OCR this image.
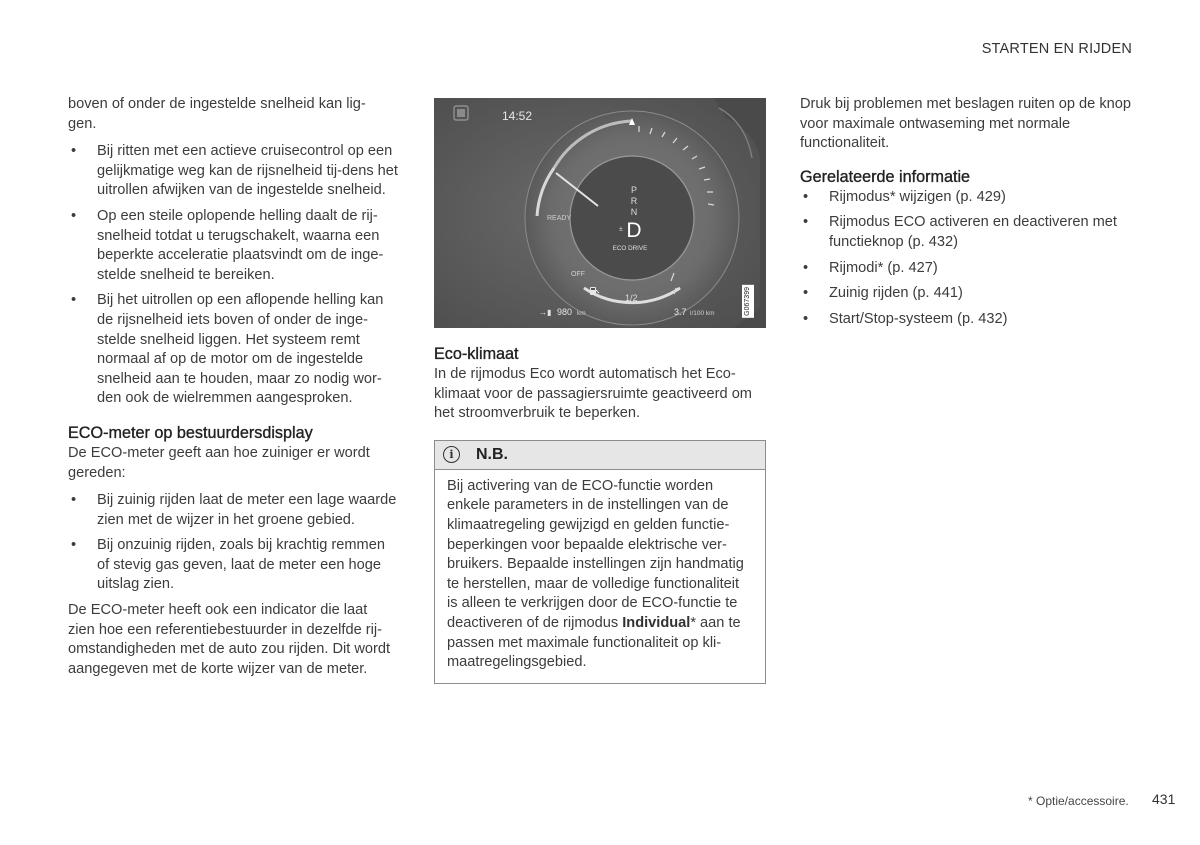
STARTEN EN RIJDEN

boven of onder de ingestelde snelheid kan lig-
gen.

• Bij ritten met een actieve cruisecontrol op een gelijkmatige weg kan de rijsnelheid tij-dens het uitrollen afwijken van de ingestelde snelheid.
• Op een steile oplopende helling daalt de rij-snelheid totdat u terugschakelt, waarna een beperkte acceleratie plaatsvindt om de inge-stelde snelheid te bereiken.
• Bij het uitrollen op een aflopende helling kan de rijsnelheid iets boven of onder de inge-stelde snelheid liggen. Het systeem remt normaal af op de motor om de ingestelde snelheid aan te houden, maar zo nodig wor-den ook de wielremmen aangesproken.
ECO-meter op bestuurdersdisplay

De ECO-meter geeft aan hoe zuiniger er wordt gereden:

• Bij zuinig rijden laat de meter een lage waarde zien met de wijzer in het groene gebied.
• Bij onzuinig rijden, zoals bij krachtig remmen of stevig gas geven, laat de meter een hoge uitslag zien.

De ECO-meter heeft ook een indicator die laat zien hoe een referentiebestuurder in dezelfde rij-omstandigheden met de auto zou rijden. Dit wordt aangegeven met de korte wijzer van de meter.

14:52
READY
OFF
1/2
P
R
N
D
±
ECO DRIVE
→▮ 980 km	3.7 l/100 km	G067399
Eco-klimaat

In de rijmodus Eco wordt automatisch het Eco-klimaat voor de passagiersruimte geactiveerd om het stroomverbruik te beperken.

i	N.B.
Bij activering van de ECO-functie worden enkele parameters in de instellingen van de klimaatregeling gewijzigd en gelden functie-beperkingen voor bepaalde elektrische ver-bruikers. Bepaalde instellingen zijn handmatig te herstellen, maar de volledige functionaliteit is alleen te verkrijgen door de ECO-functie te deactiveren of de rijmodus Individual* aan te passen met maximale functionaliteit op kli-maatregelingsgebied.

Druk bij problemen met beslagen ruiten op de knop voor maximale ontwaseming met normale functionaliteit.

Gerelateerde informatie
• Rijmodus* wijzigen (p. 429)
• Rijmodus ECO activeren en deactiveren met functieknop (p. 432)
• Rijmodi* (p. 427)
• Zuinig rijden (p. 441)
• Start/Stop-systeem (p. 432)
* Optie/accessoire. 431
